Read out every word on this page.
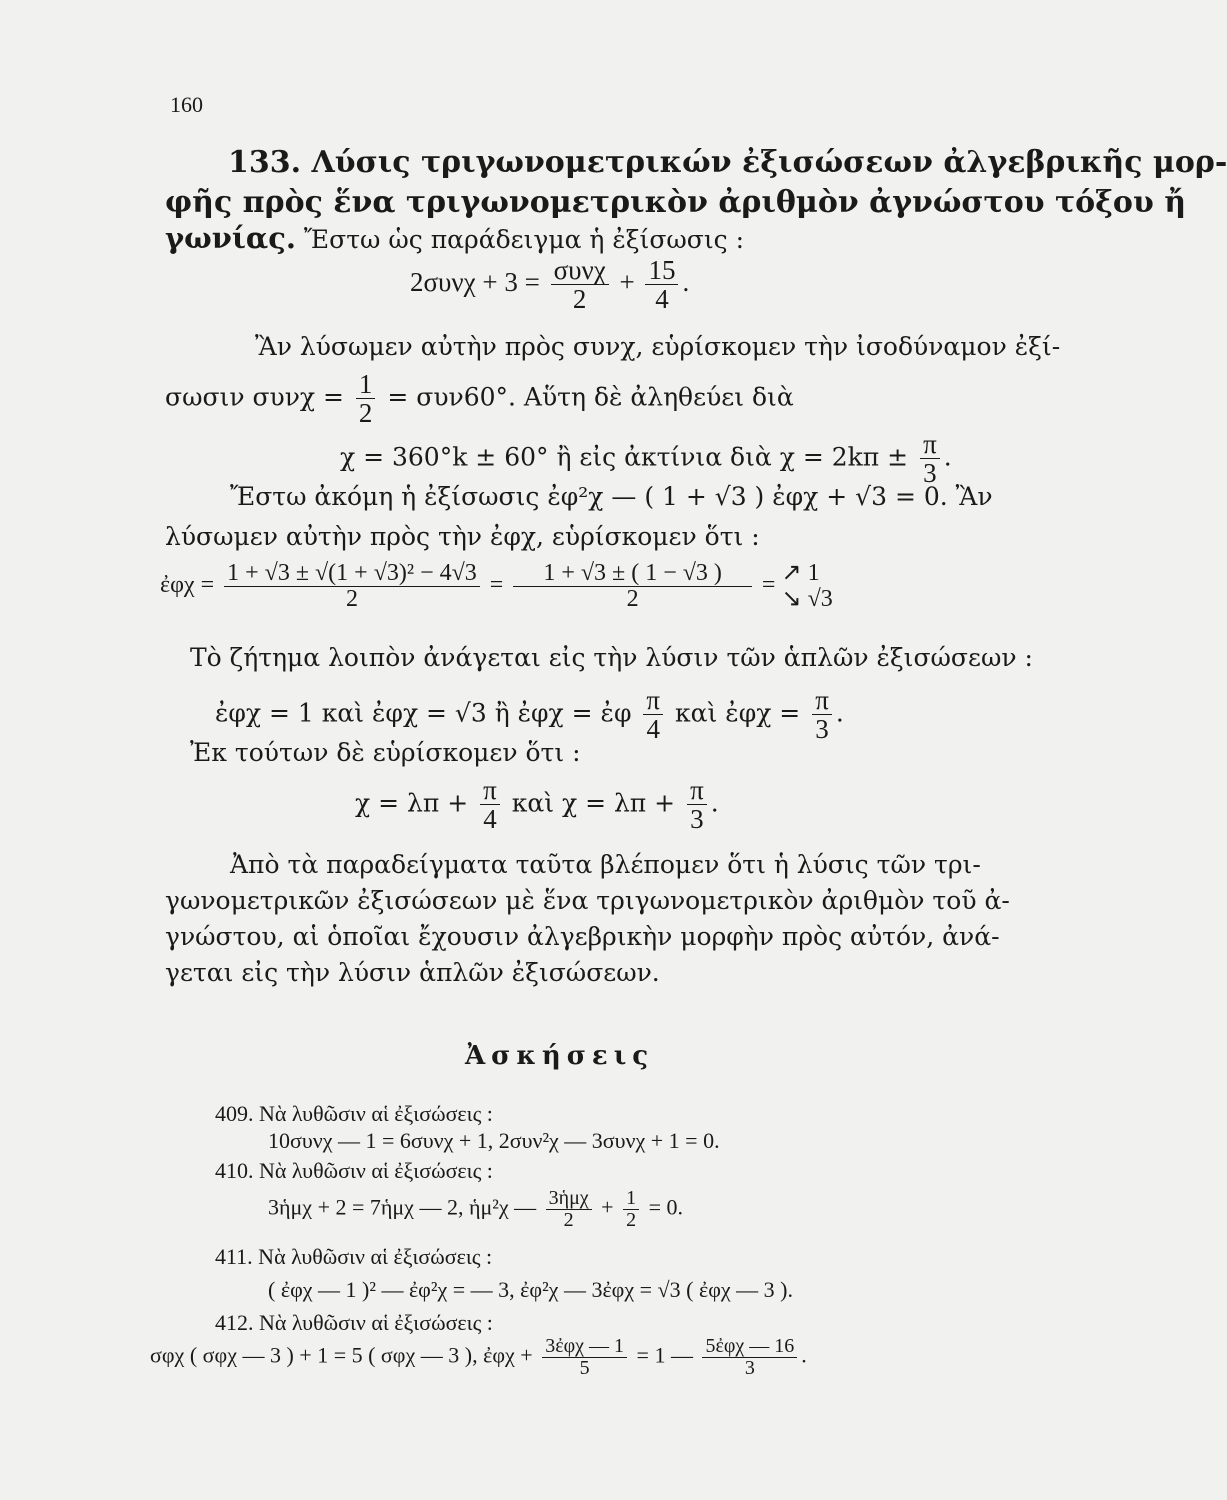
160
133. Λύσις τριγωνομετρικών ἐξισώσεων ἀλγεβρικῆς μορ-
φῆς πρὸς ἕνα τριγωνομετρικὸν ἀριθμὸν ἀγνώστου τόξου ἤ
γωνίας. Ἔστω ὡς παράδειγμα ἡ ἐξίσωσις :
$2\sigma\upsilon\nu\chi + 3 = \frac{\text{συνχ}}{2} + \frac{15}{4}$ .
Ἂν λύσωμεν αὐτὴν πρὸς συνχ, εὑρίσκομεν τὴν ἰσοδύναμον ἐξί-
σωσιν $\sigma\upsilon\nu\chi = \frac{1}{2} = \sigma\upsilon\nu 60^\circ$. Αὕτη δὲ ἀληθεύει διὰ
χ = 360°k ± 60° ἢ εἰς ἀκτίνια διὰ $\chi = 2k\pi \pm \frac{\pi}{3}$ .
Ἔστω ἀκόμη ἡ ἐξίσωσις ἐφ²χ — ( 1 + √3 ) ἐφχ + √3 = 0. Ἂν
λύσωμεν αὐτὴν πρὸς τὴν ἐφχ, εὑρίσκομεν ὅτι :
ἐφχ = $\frac{\text{1 + √3 ± √(1 + √3)² − 4√3}}{2} = \frac{1 + √3 \pm ( 1 - √3 )}{2}$ = ↗ 1
↘ √3
Τὸ ζήτημα λοιπὸν ἀνάγεται εἰς τὴν λύσιν τῶν ἁπλῶν ἐξισώσεων :
ἐφχ = 1 καὶ ἐφχ = √3 ἢ ἐφχ = ἐφ $\frac{\pi}{4}$ καὶ ἐφχ = $\frac{\pi}{3}$ .
Ἐκ τούτων δὲ εὑρίσκομεν ὅτι :
$\chi = \lambda\pi + \frac{\pi}{4}$ καὶ $\chi = \lambda\pi + \frac{\pi}{3}$ .
Ἀπὸ τὰ παραδείγματα ταῦτα βλέπομεν ὅτι ἡ λύσις τῶν τρι-
γωνομετρικῶν ἐξισώσεων μὲ ἕνα τριγωνομετρικὸν ἀριθμὸν τοῦ ἀ-
γνώστου, αἱ ὁποῖαι ἔχουσιν ἀλγεβρικὴν μορφὴν πρὸς αὐτόν, ἀνά-
γεται εἰς τὴν λύσιν ἁπλῶν ἐξισώσεων.
Ἀσκήσεις
409. Νὰ λυθῶσιν αἱ ἐξισώσεις :
10συνχ — 1 = 6συνχ + 1, 2συν²χ — 3συνχ + 1 = 0.
410. Νὰ λυθῶσιν αἱ ἐξισώσεις :
3ἡμχ + 2 = 7ἡμχ — 2, ἡμ²χ — $\frac{\text{3ἡμχ}}{2} + \frac{1}{2} = 0$.
411. Νὰ λυθῶσιν αἱ ἐξισώσεις :
( ἐφχ — 1 )² — ἐφ²χ = — 3, ἐφ²χ — 3ἐφχ = √3 ( ἐφχ — 3 ).
412. Νὰ λυθῶσιν αἱ ἐξισώσεις :
σφχ ( σφχ — 3 ) + 1 = 5 ( σφχ — 3 ), ἐφχ + $\frac{\text{3ἐφχ — 1}}{5} = 1$ — $\frac{\text{5ἐφχ — 16}}{3}$ .
